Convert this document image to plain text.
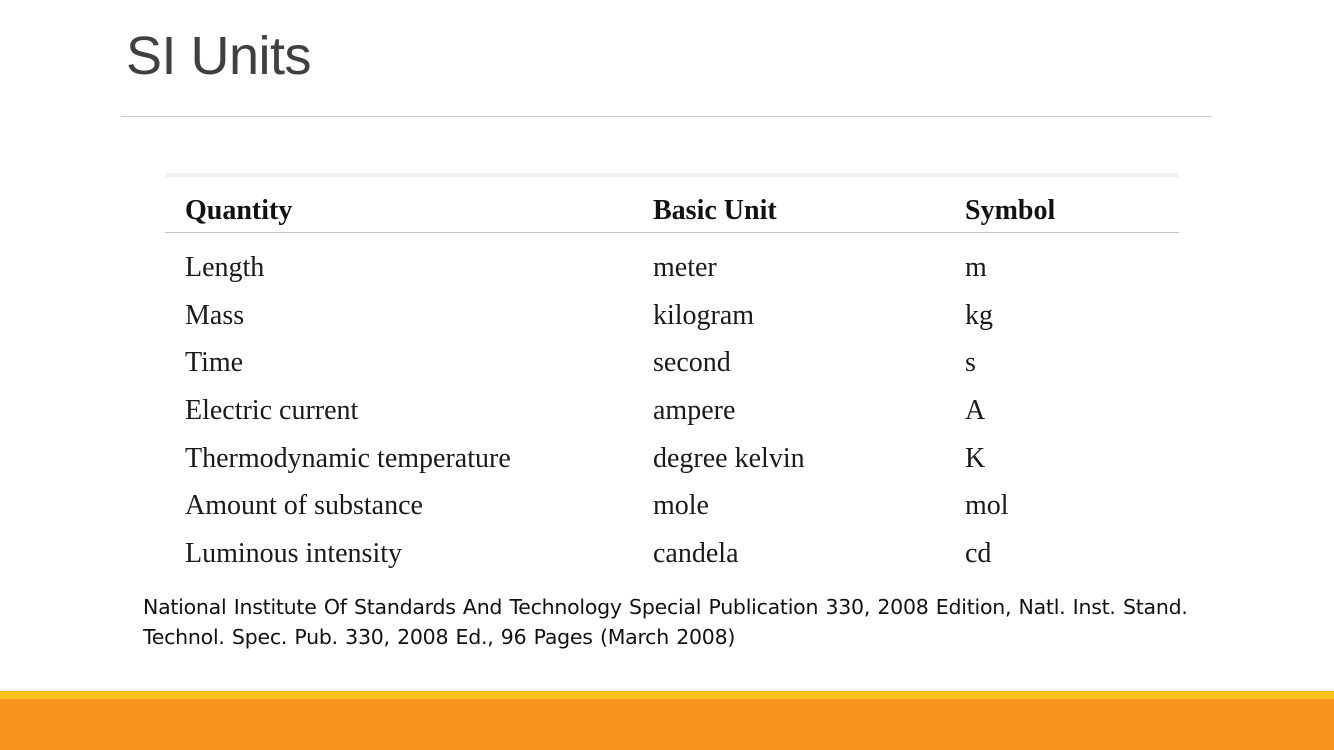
SI Units
Quantity	Basic Unit	Symbol
Length	meter	m
Mass	kilogram	kg
Time	second	s
Electric current	ampere	A
Thermodynamic temperature	degree kelvin	K
Amount of substance	mole	mol
Luminous intensity	candela	cd
National Institute Of Standards And Technology Special Publication 330, 2008 Edition, Natl. Inst. Stand.
Technol. Spec. Pub. 330, 2008 Ed., 96 Pages (March 2008)
